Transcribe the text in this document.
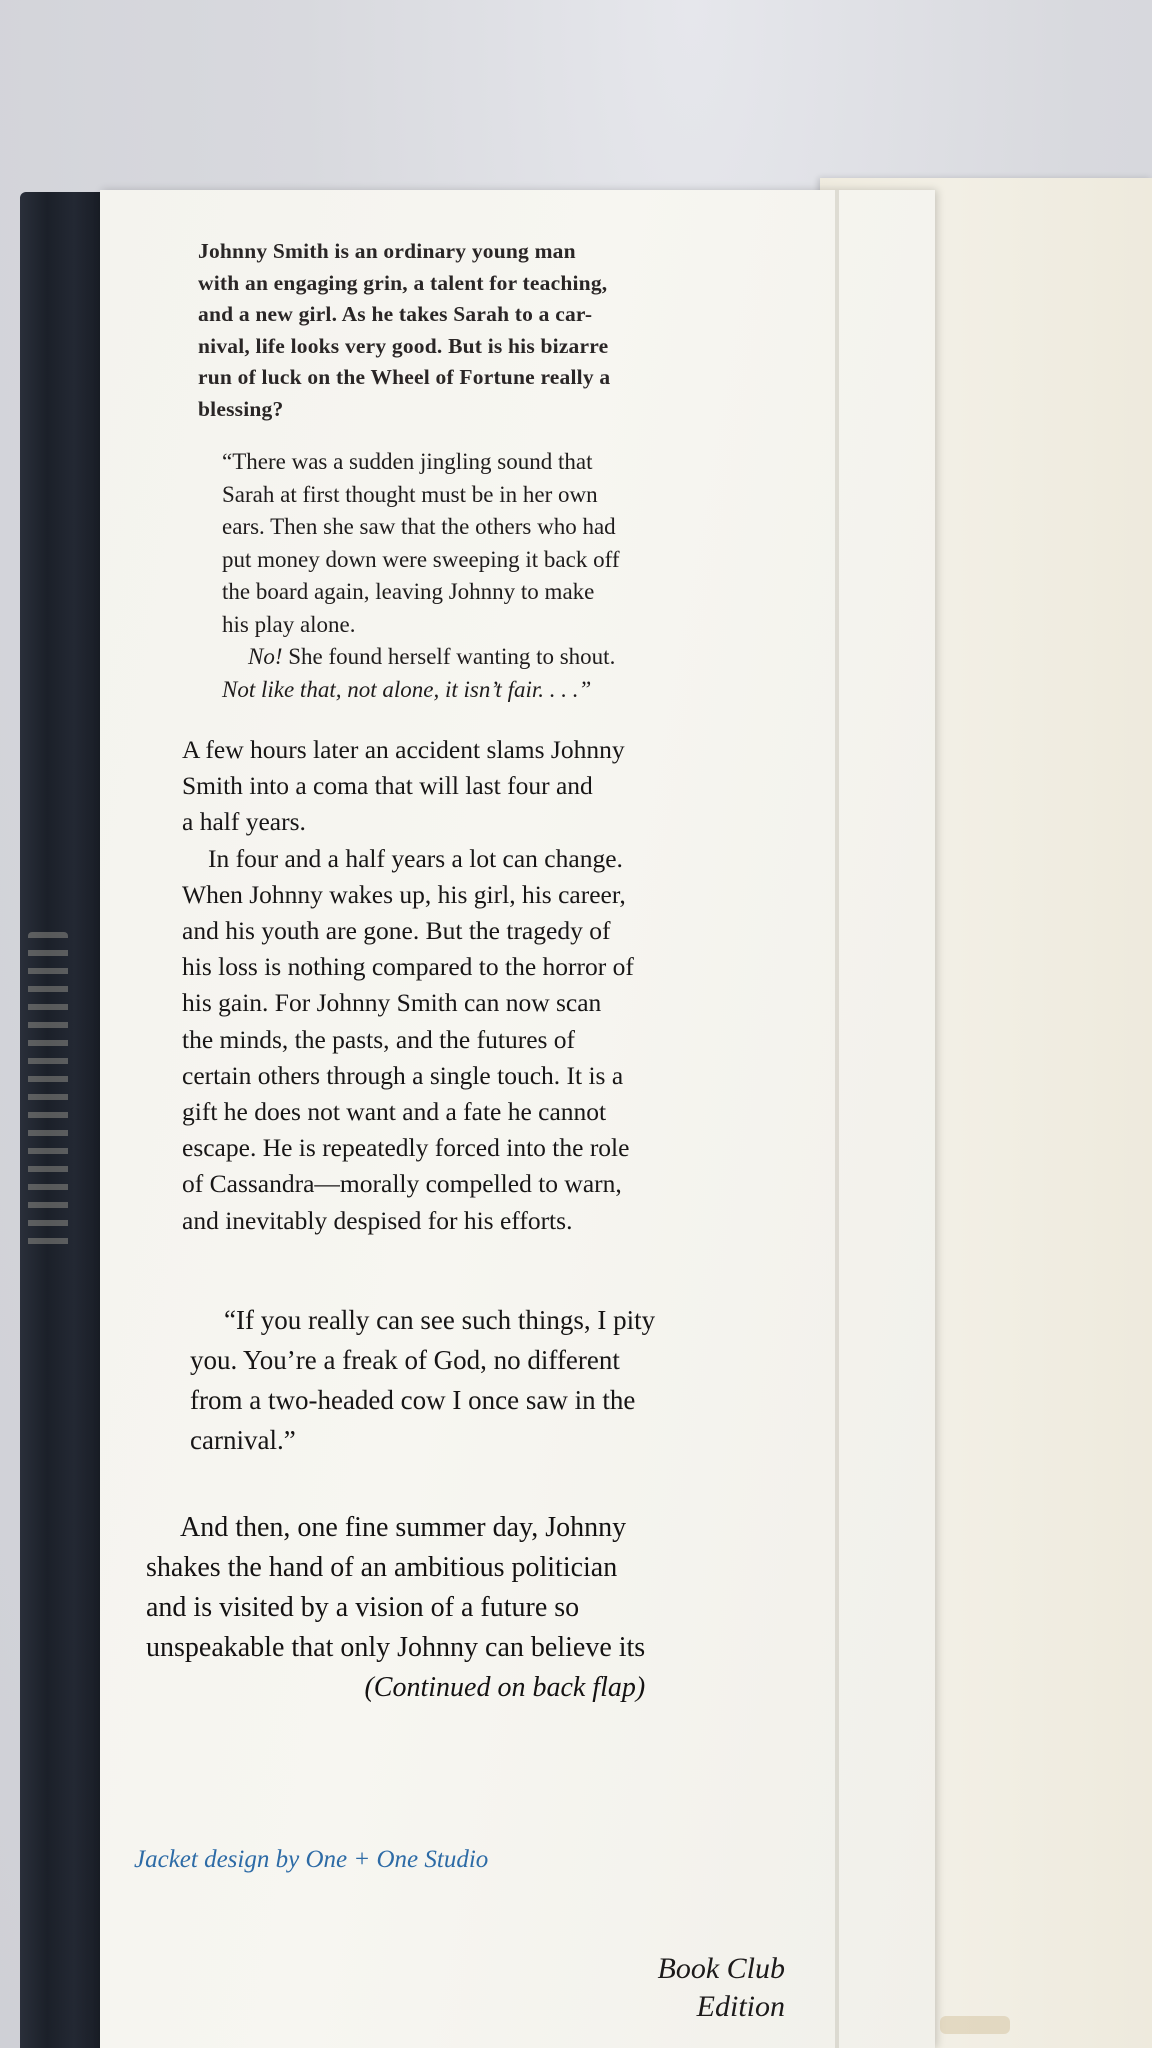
Johnny Smith is an ordinary young man
with an engaging grin, a talent for teaching,
and a new girl. As he takes Sarah to a car-
nival, life looks very good. But is his bizarre
run of luck on the Wheel of Fortune really a
blessing?
“There was a sudden jingling sound that
Sarah at first thought must be in her own
ears. Then she saw that the others who had
put money down were sweeping it back off
the board again, leaving Johnny to make
his play alone.
No! She found herself wanting to shout.
Not like that, not alone, it isn’t fair. . . .”
A few hours later an accident slams Johnny
Smith into a coma that will last four and
a half years.
In four and a half years a lot can change.
When Johnny wakes up, his girl, his career,
and his youth are gone. But the tragedy of
his loss is nothing compared to the horror of
his gain. For Johnny Smith can now scan
the minds, the pasts, and the futures of
certain others through a single touch. It is a
gift he does not want and a fate he cannot
escape. He is repeatedly forced into the role
of Cassandra—morally compelled to warn,
and inevitably despised for his efforts.
“If you really can see such things, I pity
you. You’re a freak of God, no different
from a two-headed cow I once saw in the
carnival.”
And then, one fine summer day, Johnny
shakes the hand of an ambitious politician
and is visited by a vision of a future so
unspeakable that only Johnny can believe its
(Continued on back flap)
Jacket design by One + One Studio
Book Club
Edition
